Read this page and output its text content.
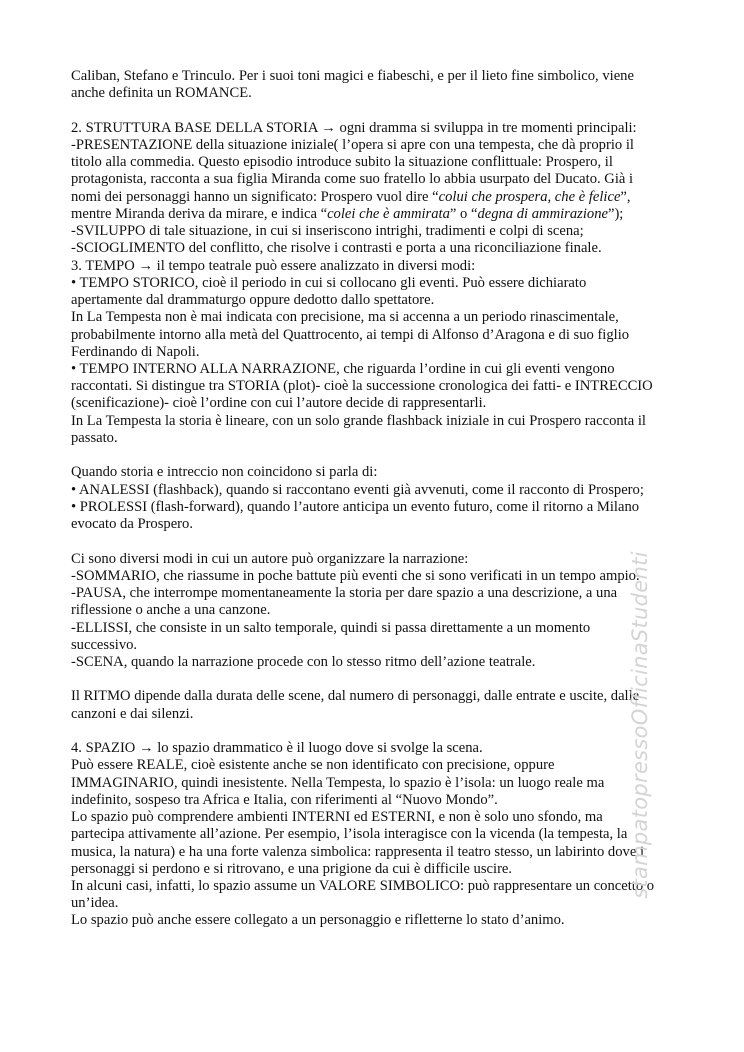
Caliban, Stefano e Trinculo. Per i suoi toni magici e fiabeschi, e per il lieto fine simbolico, viene
anche definita un ROMANCE.
2. STRUTTURA BASE DELLA STORIA → ogni dramma si sviluppa in tre momenti principali:
-PRESENTAZIONE della situazione iniziale( l’opera si apre con una tempesta, che dà proprio il
titolo alla commedia. Questo episodio introduce subito la situazione conflittuale: Prospero, il
protagonista, racconta a sua figlia Miranda come suo fratello lo abbia usurpato del Ducato. Già i
nomi dei personaggi hanno un significato: Prospero vuol dire “colui che prospera, che è felice”,
mentre Miranda deriva da mirare, e indica “colei che è ammirata” o “degna di ammirazione”);
-SVILUPPO di tale situazione, in cui si inseriscono intrighi, tradimenti e colpi di scena;
-SCIOGLIMENTO del conflitto, che risolve i contrasti e porta a una riconciliazione finale.
3. TEMPO → il tempo teatrale può essere analizzato in diversi modi:
• TEMPO STORICO, cioè il periodo in cui si collocano gli eventi. Può essere dichiarato
apertamente dal drammaturgo oppure dedotto dallo spettatore.
In La Tempesta non è mai indicata con precisione, ma si accenna a un periodo rinascimentale,
probabilmente intorno alla metà del Quattrocento, ai tempi di Alfonso d’Aragona e di suo figlio
Ferdinando di Napoli.
• TEMPO INTERNO ALLA NARRAZIONE, che riguarda l’ordine in cui gli eventi vengono
raccontati. Si distingue tra STORIA (plot)- cioè la successione cronologica dei fatti- e INTRECCIO
(scenificazione)- cioè l’ordine con cui l’autore decide di rappresentarli.
In La Tempesta la storia è lineare, con un solo grande flashback iniziale in cui Prospero racconta il
passato.
Quando storia e intreccio non coincidono si parla di:
• ANALESSI (flashback), quando si raccontano eventi già avvenuti, come il racconto di Prospero;
• PROLESSI (flash-forward), quando l’autore anticipa un evento futuro, come il ritorno a Milano
evocato da Prospero.
Ci sono diversi modi in cui un autore può organizzare la narrazione:
-SOMMARIO, che riassume in poche battute più eventi che si sono verificati in un tempo ampio.
-PAUSA, che interrompe momentaneamente la storia per dare spazio a una descrizione, a una
riflessione o anche a una canzone.
-ELLISSI, che consiste in un salto temporale, quindi si passa direttamente a un momento
successivo.
-SCENA, quando la narrazione procede con lo stesso ritmo dell’azione teatrale.
Il RITMO dipende dalla durata delle scene, dal numero di personaggi, dalle entrate e uscite, dalle
canzoni e dai silenzi.
4. SPAZIO → lo spazio drammatico è il luogo dove si svolge la scena.
Può essere REALE, cioè esistente anche se non identificato con precisione, oppure
IMMAGINARIO, quindi inesistente. Nella Tempesta, lo spazio è l’isola: un luogo reale ma
indefinito, sospeso tra Africa e Italia, con riferimenti al “Nuovo Mondo”.
Lo spazio può comprendere ambienti INTERNI ed ESTERNI, e non è solo uno sfondo, ma
partecipa attivamente all’azione. Per esempio, l’isola interagisce con la vicenda (la tempesta, la
musica, la natura) e ha una forte valenza simbolica: rappresenta il teatro stesso, un labirinto dove i
personaggi si perdono e si ritrovano, e una prigione da cui è difficile uscire.
In alcuni casi, infatti, lo spazio assume un VALORE SIMBOLICO: può rappresentare un concetto o
un’idea.
Lo spazio può anche essere collegato a un personaggio e rifletterne lo stato d’animo.
stampatopressoOfficinaStudenti
